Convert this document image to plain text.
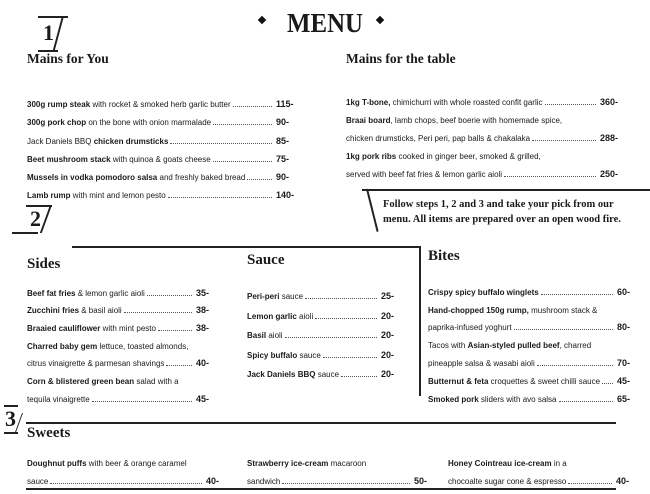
MENU
1
Mains for You	Mains for the table
300g rump steak with rocket & smoked herb garlic butter	115-
300g pork chop on the bone with onion marmalade	90-
Jack Daniels BBQ chicken drumsticks	85-
Beet mushroom stack with quinoa & goats cheese	75-
Mussels in vodka pomodoro salsa and freshly baked bread	90-
Lamb rump with mint and lemon pesto	140-
1kg T-bone, chimichurri with whole roasted confit garlic	360-
Braai board, lamb chops, beef boerie with homemade spice,
chicken drumsticks, Peri peri, pap balls & chakalaka	288-
1kg pork ribs cooked in ginger beer, smoked & grilled,
served with beef fat fries & lemon garlic aioli	250-
Follow steps 1, 2 and 3 and take your pick from our menu. All items are prepared over an open wood fire.
2
Sides	Sauce	Bites
Beef fat fries & lemon garlic aioli	35-
Zucchini fries & basil aioli	38-
Braaied cauliflower with mint pesto	38-
Charred baby gem lettuce, toasted almonds,
citrus vinaigrette & parmesan shavings	40-
Corn & blistered green bean salad with a
tequila vinaigrette	45-
Peri-peri sauce	25-
Lemon garlic aioli	20-
Basil aioli	20-
Spicy buffalo sauce	20-
Jack Daniels BBQ sauce	20-
Crispy spicy buffalo winglets	60-
Hand-chopped 150g rump, mushroom stack &
paprika-infused yoghurt	80-
Tacos with Asian-styled pulled beef, charred
pineapple salsa & wasabi aioli	70-
Butternut & feta croquettes & sweet chilli sauce 45-
Smoked pork sliders with avo salsa	65-
3
Sweets
Doughnut puffs with beer & orange caramel
sauce	40-
Strawberry ice-cream macaroon
sandwich	50-
Honey Cointreau ice-cream in a
chocoalte sugar cone & espresso	40-
